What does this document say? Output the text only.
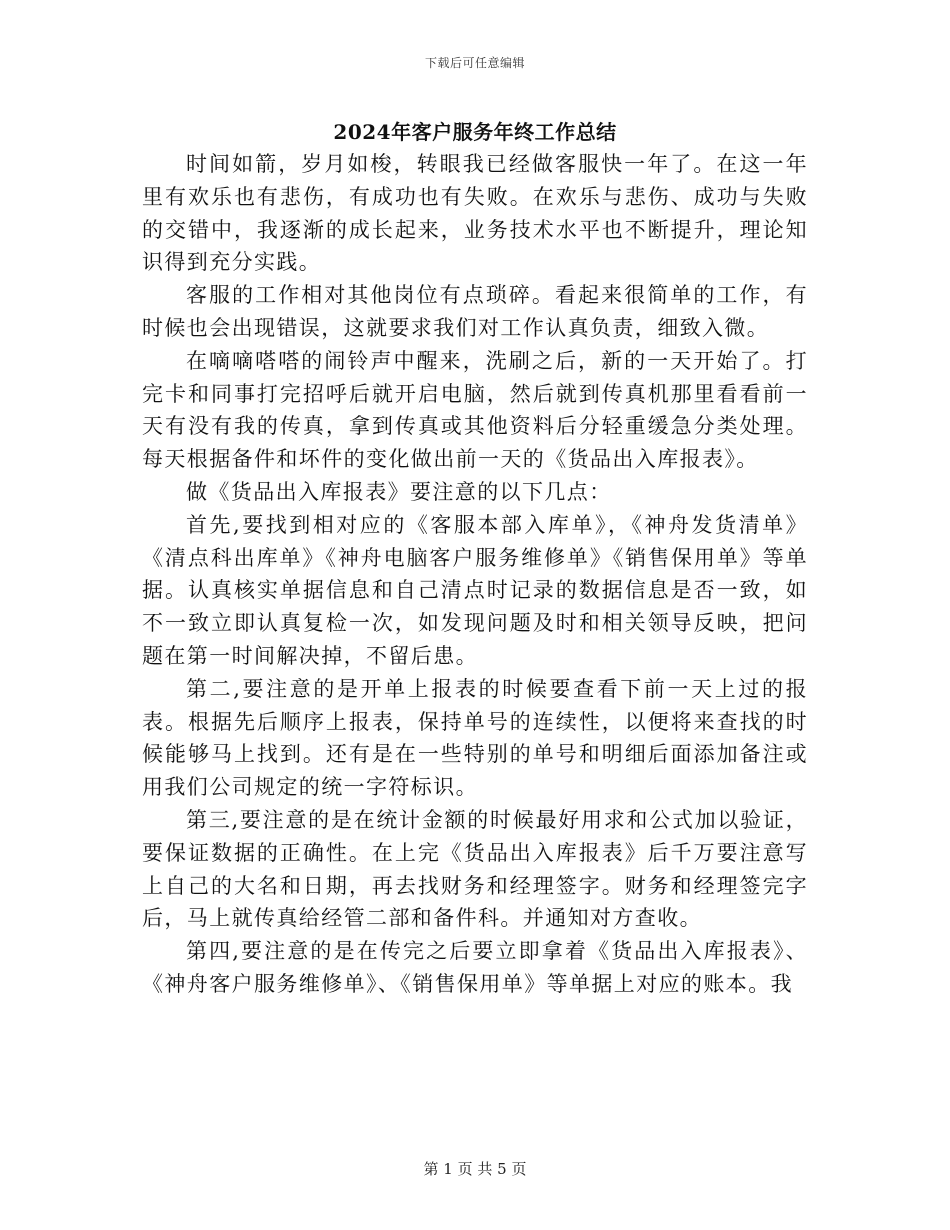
下载后可任意编辑
2024年客户服务年终工作总结

时间如箭，岁月如梭，转眼我已经做客服快一年了。在这一年里有欢乐也有悲伤，有成功也有失败。在欢乐与悲伤、成功与失败的交错中，我逐渐的成长起来，业务技术水平也不断提升，理论知识得到充分实践。

客服的工作相对其他岗位有点琐碎。看起来很简单的工作，有时候也会出现错误，这就要求我们对工作认真负责，细致入微。

在嘀嘀嗒嗒的闹铃声中醒来，洗刷之后，新的一天开始了。打完卡和同事打完招呼后就开启电脑，然后就到传真机那里看看前一天有没有我的传真，拿到传真或其他资料后分轻重缓急分类处理。每天根据备件和坏件的变化做出前一天的《货品出入库报表》。

做《货品出入库报表》要注意的以下几点：

首先,要找到相对应的《客服本部入库单》，《神舟发货清单》《清点科出库单》《神舟电脑客户服务维修单》《销售保用单》等单据。认真核实单据信息和自己清点时记录的数据信息是否一致，如不一致立即认真复检一次，如发现问题及时和相关领导反映，把问题在第一时间解决掉，不留后患。

第二,要注意的是开单上报表的时候要查看下前一天上过的报表。根据先后顺序上报表，保持单号的连续性，以便将来查找的时候能够马上找到。还有是在一些特别的单号和明细后面添加备注或用我们公司规定的统一字符标识。

第三,要注意的是在统计金额的时候最好用求和公式加以验证，要保证数据的正确性。在上完《货品出入库报表》后千万要注意写上自己的大名和日期，再去找财务和经理签字。财务和经理签完字后，马上就传真给经管二部和备件科。并通知对方查收。

第四,要注意的是在传完之后要立即拿着《货品出入库报表》、《神舟客户服务维修单》、《销售保用单》等单据上对应的账本。我

第 1 页 共 5 页
